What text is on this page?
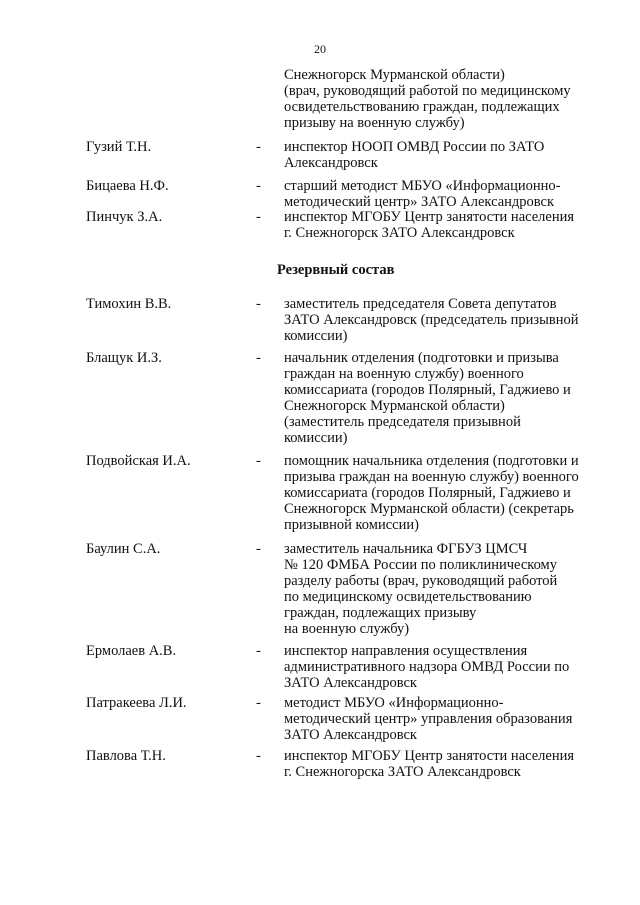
20
Снежногорск Мурманской области)
(врач, руководящий работой по медицинскому
освидетельствованию граждан, подлежащих
призыву на военную службу)
Гузий Т.Н.	- инспектор НООП ОМВД России по ЗАТО
Александровск
Бицаева Н.Ф.	- старший методист МБУО «Информационно-
методический центр» ЗАТО Александровск
Пинчук З.А.	- инспектор МГОБУ Центр занятости населения
г. Снежногорск ЗАТО Александровск
Резервный состав
Тимохин В.В.	- заместитель председателя Совета депутатов
ЗАТО Александровск (председатель призывной
комиссии)
Блащук И.З.	- начальник отделения (подготовки и призыва
граждан на военную службу) военного
комиссариата (городов Полярный, Гаджиево и
Снежногорск Мурманской области)
(заместитель председателя призывной
комиссии)
Подвойская И.А.	- помощник начальника отделения (подготовки и
призыва граждан на военную службу) военного
комиссариата (городов Полярный, Гаджиево и
Снежногорск Мурманской области) (секретарь
призывной комиссии)
Баулин С.А.	- заместитель начальника ФГБУЗ ЦМСЧ
№ 120 ФМБА России по поликлиническому
разделу работы (врач, руководящий работой
по медицинскому освидетельствованию
граждан, подлежащих призыву
на военную службу)
Ермолаев А.В.	- инспектор направления осуществления
административного надзора ОМВД России по
ЗАТО Александровск
Патракеева Л.И.	- методист МБУО «Информационно-
методический центр» управления образования
ЗАТО Александровск
Павлова Т.Н.	- инспектор МГОБУ Центр занятости населения
г. Снежногорска ЗАТО Александровск
